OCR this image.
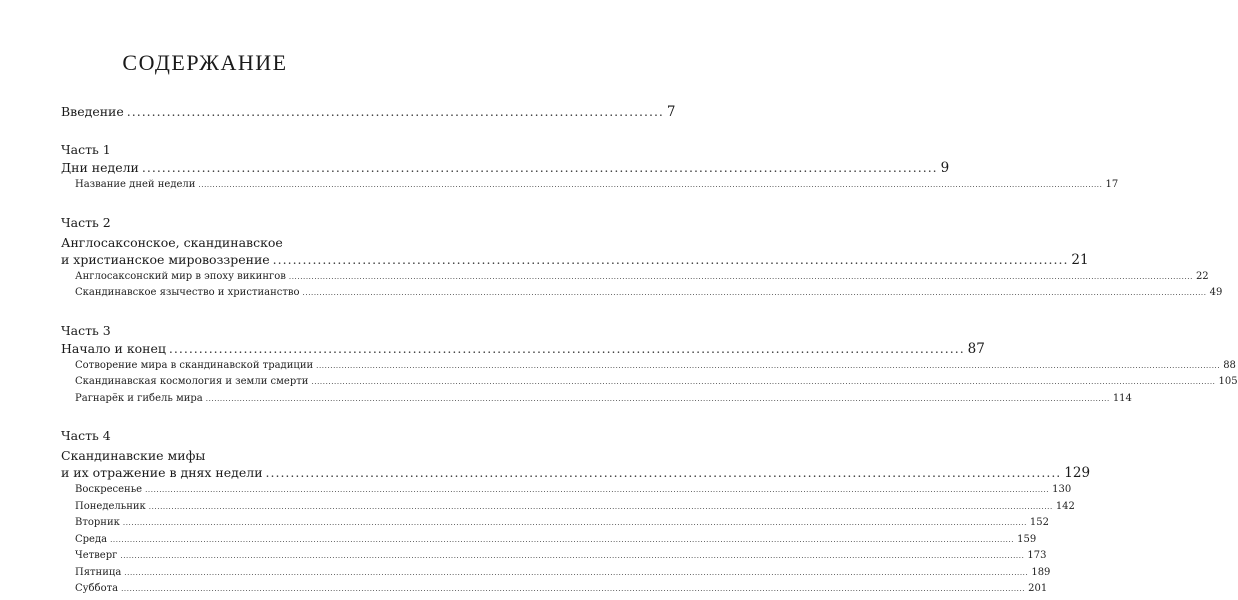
СОДЕРЖАНИЕ
Введение ............................................................................................................ 7
Часть 1
Дни недели ................................................................................................................................................................ 9
Название дней недели ................................................................................................................................................................................................................................................................................................................................ 17
Часть 2
Англосаксонское, скандинавское
и христианское мировоззрение ................................................................................................................................................................ 21
Англосаксонский мир в эпоху викингов ................................................................................................................................................................................................................................................................................................................................ 22
Скандинавское язычество и христианство ................................................................................................................................................................................................................................................................................................................................ 49
Часть 3
Начало и конец ................................................................................................................................................................ 87
Сотворение мира в скандинавской традиции ................................................................................................................................................................................................................................................................................................................................ 88
Скандинавская космология и земли смерти ................................................................................................................................................................................................................................................................................................................................ 105
Рагнарёк и гибель мира ................................................................................................................................................................................................................................................................................................................................ 114
Часть 4
Скандинавские мифы
и их отражение в днях недели ................................................................................................................................................................ 129
Воскресенье ................................................................................................................................................................................................................................................................................................................................ 130
Понедельник ................................................................................................................................................................................................................................................................................................................................ 142
Вторник ................................................................................................................................................................................................................................................................................................................................ 152
Среда ................................................................................................................................................................................................................................................................................................................................ 159
Четверг ................................................................................................................................................................................................................................................................................................................................ 173
Пятница ................................................................................................................................................................................................................................................................................................................................ 189
Суббота ................................................................................................................................................................................................................................................................................................................................ 201
